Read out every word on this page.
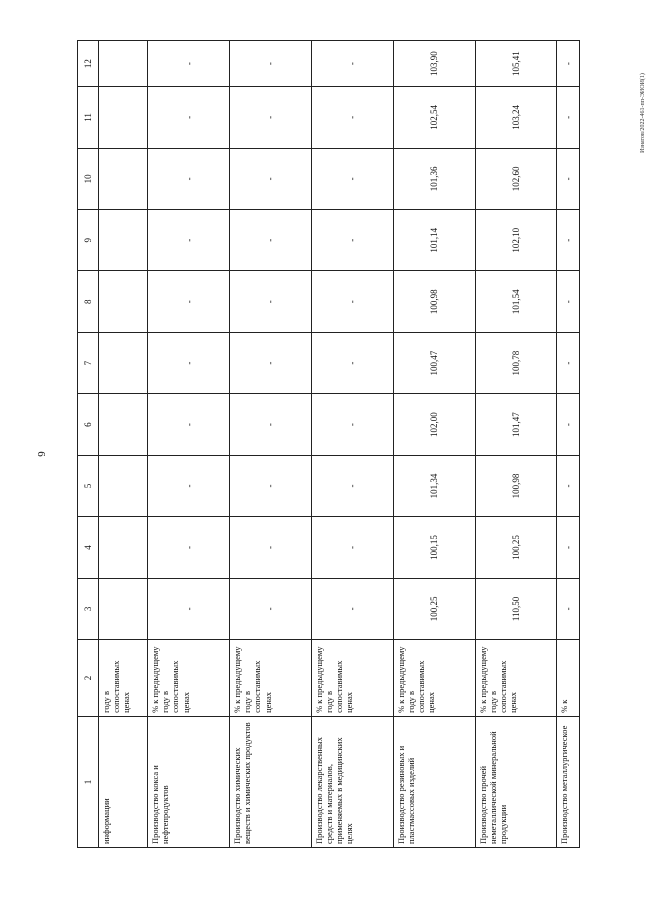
6
Изнатов/2022-461-пп-ЭИОИ(1)
1	2	3	4	5	6	7	8	9	10	11	12
информации	году в сопоставимых ценах										
Производство кокса и нефтепродуктов	% к предыдущему году в сопоставимых ценах	-	-	-	-	-	-	-	-	-	-
Производство химических веществ и химических продуктов	% к предыдущему году в сопоставимых ценах	-	-	-	-	-	-	-	-	-	-
Производство лекарственных средств и материалов, применяемых в медицинских целях	% к предыдущему году в сопоставимых ценах	-	-	-	-	-	-	-	-	-	-
Производство резиновых и пластмассовых изделий	% к предыдущему году в сопоставимых ценах	100,25	100,15	101,34	102,00	100,47	100,98	101,14	101,36	102,54	103,90
Производство прочей неметаллической минеральной продукции	% к предыдущему году в сопоставимых ценах	110,50	100,25	100,98	101,47	100,78	101,54	102,10	102,60	103,24	105,41
Производство металлургическое	% к	-	-	-	-	-	-	-	-	-	-
